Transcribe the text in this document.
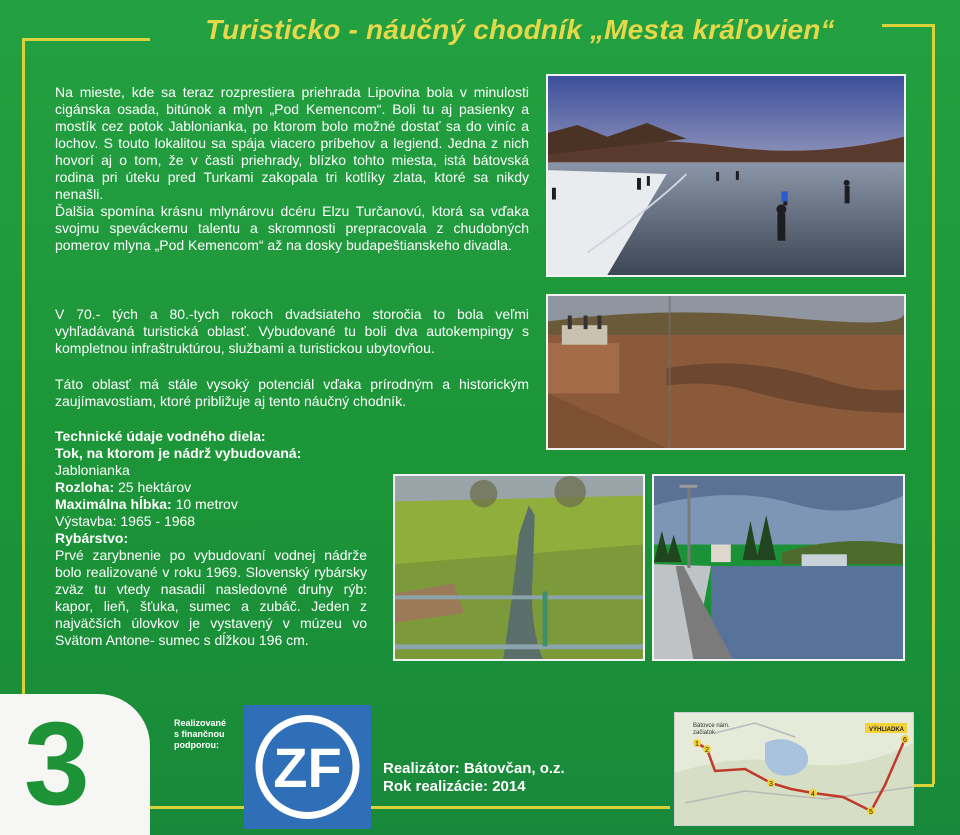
Turisticko - náučný chodník „Mesta kráľovien“

Na mieste, kde sa teraz rozprestiera priehrada Lipovina bola v minulosti cigánska osada, bitúnok a mlyn „Pod Kemencom“. Boli tu aj pasienky a mostík cez potok Jablonianka, po ktorom bolo možné dostať sa do viníc a lochov. S touto lokalitou sa spája viacero príbehov a legiend. Jedna z nich hovorí aj o tom, že v časti priehrady, blízko tohto miesta, istá bátovská rodina pri úteku pred Turkami zakopala tri kotlíky zlata, ktoré sa nikdy nenašli.

Ďalšia spomína krásnu mlynárovu dcéru Elzu Turčanovú, ktorá sa vďaka svojmu speváckemu talentu a skromnosti prepracovala z chudobných pomerov mlyna „Pod Kemencom“ až na dosky budapeštianskeho divadla.

V 70.- tých a 80.-tych rokoch dvadsiateho storočia to bola veľmi vyhľadávaná turistická oblasť. Vybudované tu boli dva autokempingy s kompletnou infraštruktúrou, službami a turistickou ubytovňou.

Táto oblasť má stále vysoký potenciál vďaka prírodným a historickým zaujímavostiam, ktoré približuje aj tento náučný chodník.

Technické údaje vodného diela:

Tok, na ktorom je nádrž vybudovaná:

Jablonianka

Rozloha: 25 hektárov

Maximálna hĺbka: 10 metrov

Výstavba: 1965 - 1968

Rybárstvo:

Prvé zarybnenie po vybudovaní vodnej nádrže bolo realizované v roku 1969. Slovenský rybársky zväz tu vtedy nasadil nasledovné druhy rýb: kapor, lieň, šťuka, sumec a zubáč. Jeden z najväčších úlovkov je vystavený v múzeu vo Svätom Antone- sumec s dĺžkou 196 cm.

3	Realizované
s finančnou
podporou: ZF	Realizátor: Bátovčan, o.z.
Rok realizácie: 2014
1
2
3
4
5
6
Bátovce nám.
začiatok	VÝHLIADKA
